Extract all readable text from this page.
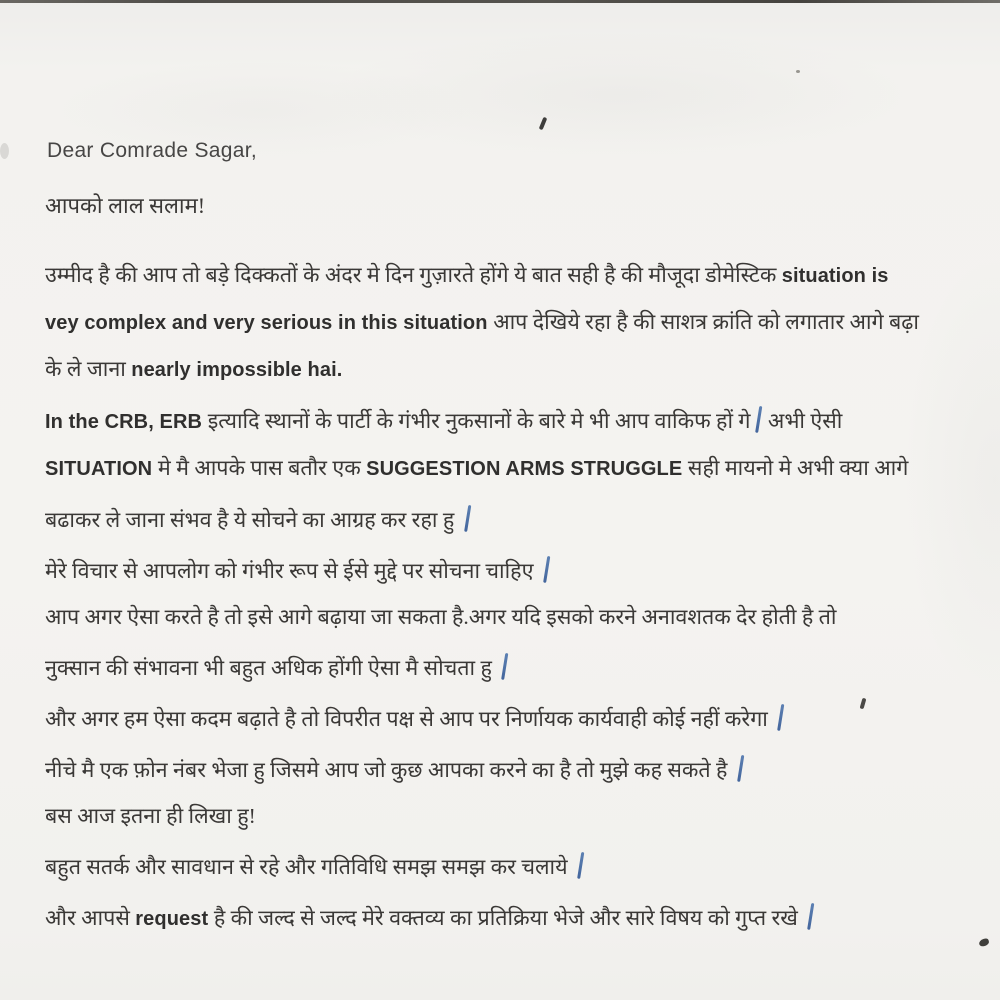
Dear Comrade Sagar,

आपको लाल सलाम!

उम्मीद है की आप तो बड़े दिक्कतों के अंदर मे दिन गुज़ारते होंगे ये बात सही है की मौजूदा डोमेस्टिक situation is

vey complex and very serious in this situation आप देखिये रहा है की साशत्र क्रांति को लगातार आगे बढ़ा

के ले जाना nearly impossible hai.

In the CRB, ERB इत्यादि स्थानों के पार्टी के गंभीर नुकसानों के बारे मे भी आप वाकिफ हों गे अभी ऐसी

SITUATION मे मै आपके पास बतौर एक SUGGESTION ARMS STRUGGLE सही मायनो मे अभी क्या आगे

बढाकर ले जाना संभव है ये सोचने का आग्रह कर रहा हु

मेरे विचार से आपलोग को गंभीर रूप से ईसे मुद्दे पर सोचना चाहिए

आप अगर ऐसा करते है तो इसे आगे बढ़ाया जा सकता है.अगर यदि इसको करने अनावशतक देर होती है तो

नुक्सान की संभावना भी बहुत अधिक होंगी ऐसा मै सोचता हु

और अगर हम ऐसा कदम बढ़ाते है तो विपरीत पक्ष से आप पर निर्णायक कार्यवाही कोई नहीं करेगा

नीचे मै एक फ़ोन नंबर भेजा हु जिसमे आप जो कुछ आपका करने का है तो मुझे कह सकते है

बस आज इतना ही लिखा हु!

बहुत सतर्क और सावधान से रहे और गतिविधि समझ समझ कर चलाये

और आपसे request है की जल्द से जल्द मेरे वक्तव्य का प्रतिक्रिया भेजे और सारे विषय को गुप्त रखे
